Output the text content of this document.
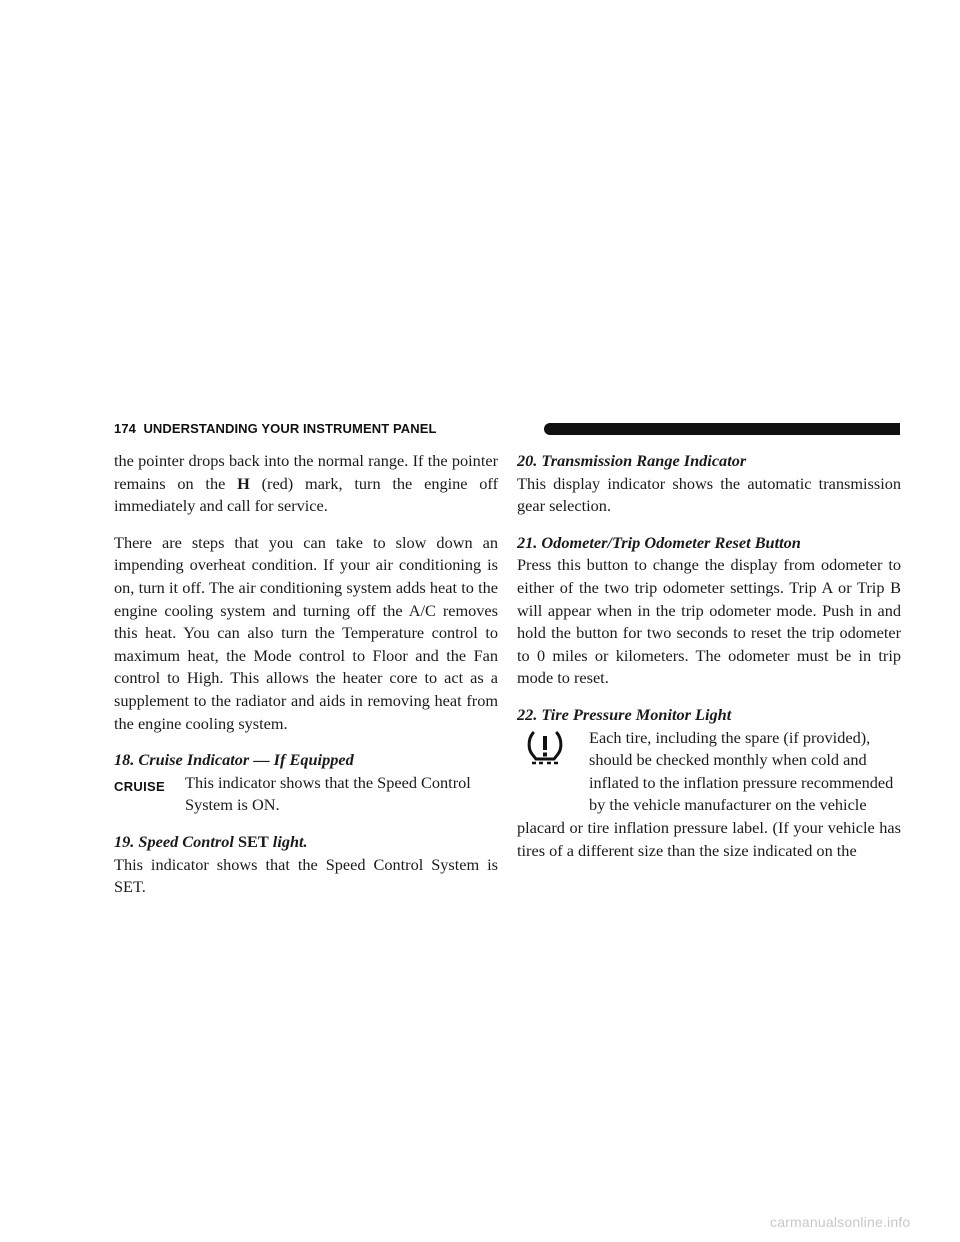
174 UNDERSTANDING YOUR INSTRUMENT PANEL

the pointer drops back into the normal range. If the pointer remains on the H (red) mark, turn the engine off immediately and call for service.

There are steps that you can take to slow down an impending overheat condition. If your air conditioning is on, turn it off. The air conditioning system adds heat to the engine cooling system and turning off the A/C removes this heat. You can also turn the Temperature control to maximum heat, the Mode control to Floor and the Fan control to High. This allows the heater core to act as a supplement to the radiator and aids in removing heat from the engine cooling system.

18. Cruise Indicator — If Equipped

CRUISE	This indicator shows that the Speed Control System is ON.

19. Speed Control SET light.

This indicator shows that the Speed Control System is SET.

20. Transmission Range Indicator

This display indicator shows the automatic transmission gear selection.

21. Odometer/Trip Odometer Reset Button

Press this button to change the display from odometer to either of the two trip odometer settings. Trip A or Trip B will appear when in the trip odometer mode. Push in and hold the button for two seconds to reset the trip odometer to 0 miles or kilometers. The odometer must be in trip mode to reset.

22. Tire Pressure Monitor Light

Each tire, including the spare (if provided),

should be checked monthly when cold and

inflated to the inflation pressure recommended

by the vehicle manufacturer on the vehicle

placard or tire inflation pressure label. (If your vehicle has tires of a different size than the size indicated on the

carmanualsonline.info
